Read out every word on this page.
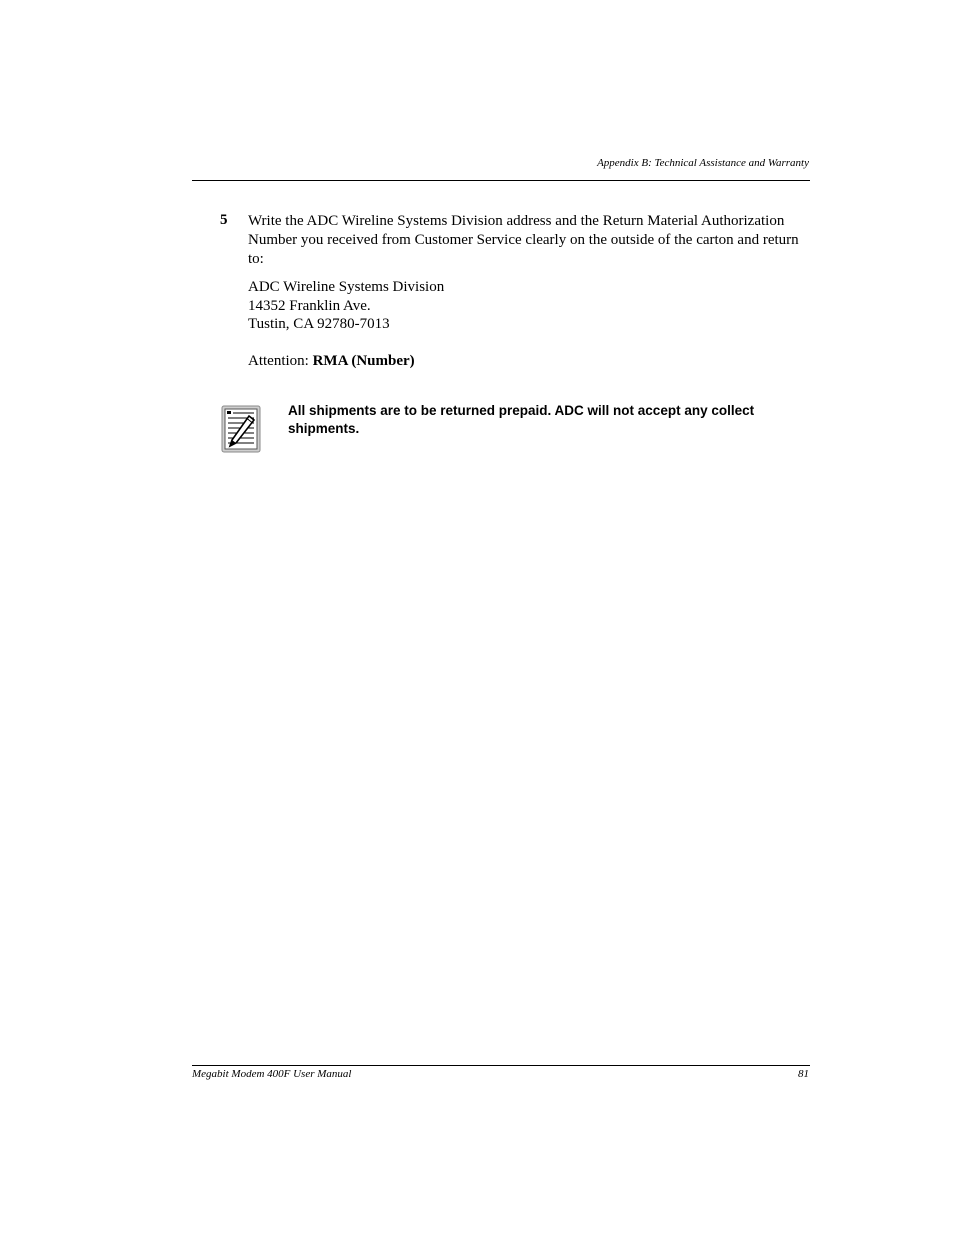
Appendix B: Technical Assistance and Warranty
5 Write the ADC Wireline Systems Division address and the Return Material Authorization Number you received from Customer Service clearly on the outside of the carton and return to:
ADC Wireline Systems Division
14352 Franklin Ave.
Tustin, CA 92780-7013
Attention: RMA (Number)
All shipments are to be returned prepaid. ADC will not accept any collect shipments.
Megabit Modem 400F User Manual	81
